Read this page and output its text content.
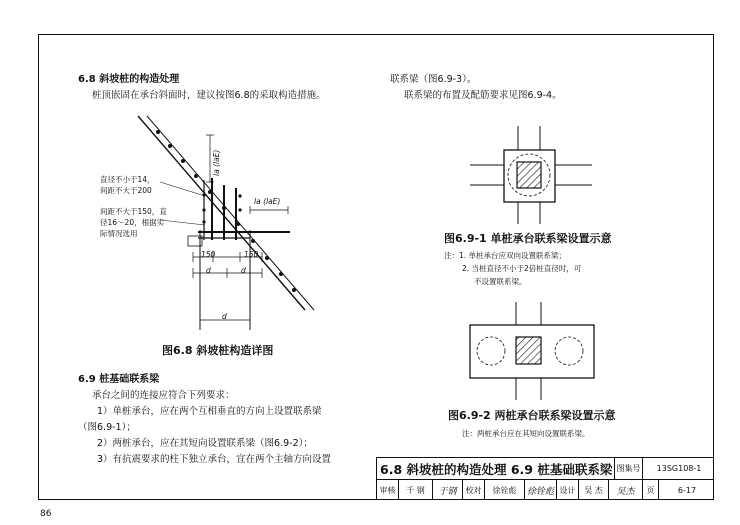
6.8 斜坡桩的构造处理
桩顶嵌固在承台斜面时，建议按图6.8的采取构造措施。
直径不小于14，
间距不大于200
间距不大于150，直
径16～20，根据实
际情况选用
la (laE)
la (laE)
150	150
d	d
d
图6.8 斜坡桩构造详图
6.9 桩基础联系梁
承台之间的连接应符合下列要求：
1）单桩承台，应在两个互相垂直的方向上设置联系梁
（图6.9-1）；
2）两桩承台，应在其短向设置联系梁（图6.9-2）；
3）有抗震要求的柱下独立承台，宜在两个主轴方向设置
联系梁（图6.9-3）。
联系梁的布置及配筋要求见图6.9-4。
图6.9-1 单桩承台联系梁设置示意
注：1. 单桩承台应双向设置联系梁；
2. 当桩直径不小于2倍桩直径时，可
不设置联系梁。
图6.9-2 两桩承台联系梁设置示意
注：两桩承台应在其短向设置联系梁。
6.8 斜坡桩的构造处理 6.9 桩基础联系梁 图集号	13SG108-1
审核	千 钢	于钢	校对	徐铨彪	徐铨彪 设计	吴 杰	吴杰	页	6-17
86
